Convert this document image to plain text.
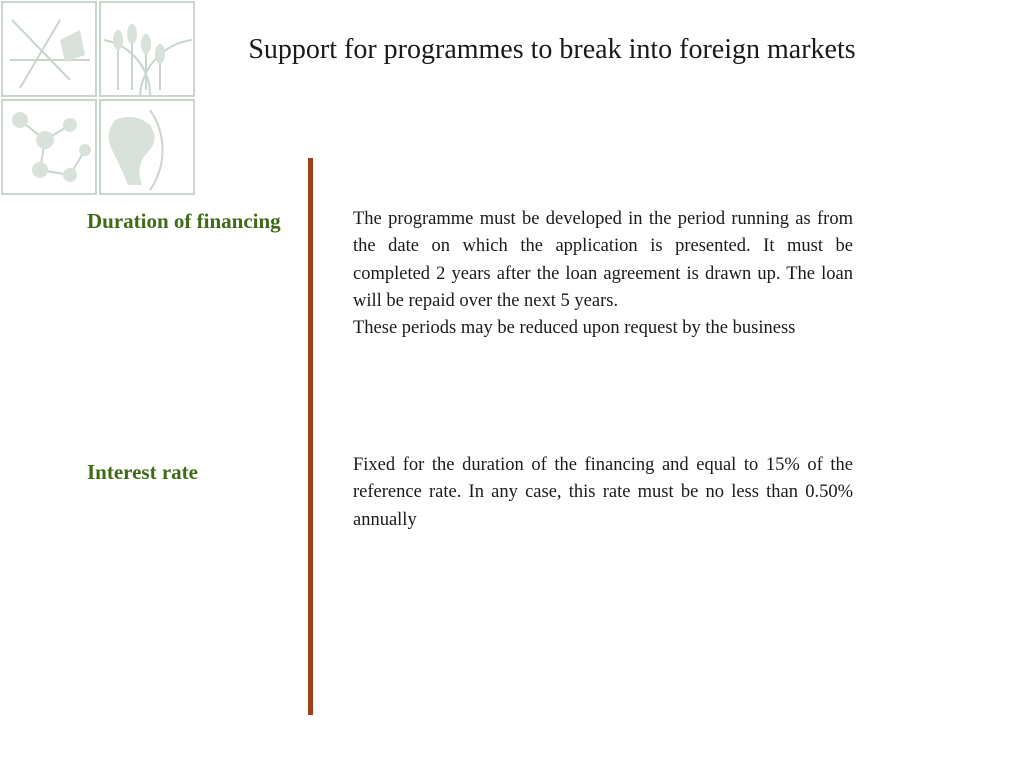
Support for programmes to break into foreign markets
Duration of financing	The programme must be developed in the period running as from the date on which the application is presented. It must be completed 2 years after the loan agreement is drawn up. The loan will be repaid over the next 5 years.

These periods may be reduced upon request by the business

Interest rate	Fixed for the duration of the financing and equal to 15% of the reference rate. In any case, this rate must be no less than 0.50% annually
